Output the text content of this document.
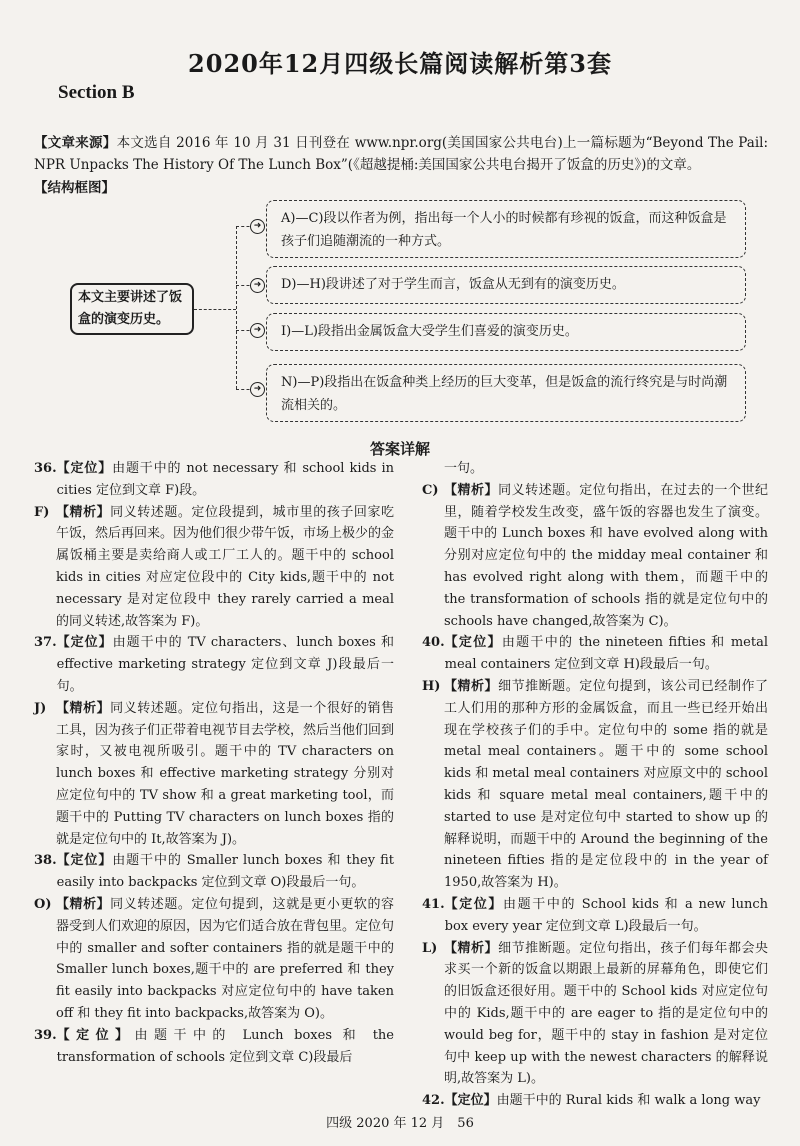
2020年12月四级长篇阅读解析第3套
Section B
【文章来源】本文选自 2016 年 10 月 31 日刊登在 www.npr.org(美国国家公共电台)上一篇标题为“Beyond The Pail: NPR Unpacks The History Of The Lunch Box”(《超越提桶:美国国家公共电台揭开了饭盒的历史》)的文章。
【结构框图】
本文主要讲述了饭盒的演变历史。
➜	A)—C)段以作者为例，指出每一个人小的时候都有珍视的饭盒，而这种饭盒是孩子们追随潮流的一种方式。
➜	D)—H)段讲述了对于学生而言，饭盒从无到有的演变历史。
➜	I)—L)段指出金属饭盒大受学生们喜爱的演变历史。
➜	N)—P)段指出在饭盒种类上经历的巨大变革，但是饭盒的流行终究是与时尚潮流相关的。
答案详解
36. 【定位】由题干中的 not necessary 和 school kids in cities 定位到文章 F)段。
F) 【精析】同义转述题。定位段提到，城市里的孩子回家吃午饭，然后再回来。因为他们很少带午饭，市场上极少的金属饭桶主要是卖给商人或工厂工人的。题干中的 school kids in cities 对应定位段中的 City kids,题干中的 not necessary 是对定位段中 they rarely carried a meal 的同义转述,故答案为 F)。
37. 【定位】由题干中的 TV characters、lunch boxes 和 effective marketing strategy 定位到文章 J)段最后一句。
J) 【精析】同义转述题。定位句指出，这是一个很好的销售工具，因为孩子们正带着电视节目去学校，然后当他们回到家时，又被电视所吸引。题干中的 TV characters on lunch boxes 和 effective marketing strategy 分别对应定位句中的 TV show 和 a great marketing tool，而题干中的 Putting TV characters on lunch boxes 指的就是定位句中的 It,故答案为 J)。
38. 【定位】由题干中的 Smaller lunch boxes 和 they fit easily into backpacks 定位到文章 O)段最后一句。
O) 【精析】同义转述题。定位句提到，这就是更小更软的容器受到人们欢迎的原因，因为它们适合放在背包里。定位句中的 smaller and softer containers 指的就是题干中的 Smaller lunch boxes,题干中的 are preferred 和 they fit easily into backpacks 对应定位句中的 have taken off 和 they fit into backpacks,故答案为 O)。
39. 【定位】由题干中的 Lunch boxes 和 the transformation of schools 定位到文章 C)段最后
一句。
C) 【精析】同义转述题。定位句指出，在过去的一个世纪里，随着学校发生改变，盛午饭的容器也发生了演变。题干中的 Lunch boxes 和 have evolved along with 分别对应定位句中的 the midday meal container 和 has evolved right along with them，而题干中的 the transformation of schools 指的就是定位句中的 schools have changed,故答案为 C)。
40. 【定位】由题干中的 the nineteen fifties 和 metal meal containers 定位到文章 H)段最后一句。
H) 【精析】细节推断题。定位句提到，该公司已经制作了工人们用的那种方形的金属饭盒，而且一些已经开始出现在学校孩子们的手中。定位句中的 some 指的就是 metal meal containers。题干中的 some school kids 和 metal meal containers 对应原文中的 school kids 和 square metal meal containers,题干中的 started to use 是对定位句中 started to show up 的解释说明，而题干中的 Around the beginning of the nineteen fifties 指的是定位段中的 in the year of 1950,故答案为 H)。
41. 【定位】由题干中的 School kids 和 a new lunch box every year 定位到文章 L)段最后一句。
L) 【精析】细节推断题。定位句指出，孩子们每年都会央求买一个新的饭盒以期跟上最新的屏幕角色，即使它们的旧饭盒还很好用。题干中的 School kids 对应定位句中的 Kids,题干中的 are eager to 指的是定位句中的 would beg for，题干中的 stay in fashion 是对定位句中 keep up with the newest characters 的解释说明,故答案为 L)。
42. 【定位】由题干中的 Rural kids 和 walk a long way
四级 2020 年 12 月　56
